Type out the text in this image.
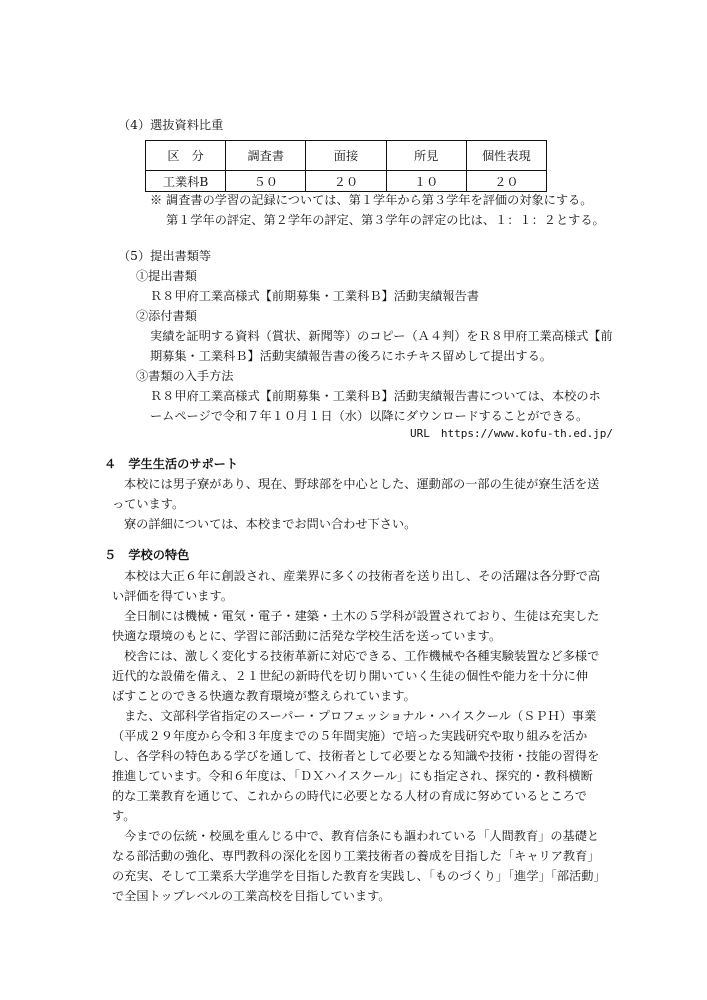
（4）選抜資料比重
区　分	調査書	面接	所見	個性表現
工業科B	５０	２０	１０	２０
※ 調査書の学習の記録については、第１学年から第３学年を評価の対象にする。
第１学年の評定、第２学年の評定、第３学年の評定の比は、１：１：２とする。
（5）提出書類等
①提出書類
Ｒ８甲府工業高様式【前期募集・工業科Ｂ】活動実績報告書
②添付書類
実績を証明する資料（賞状、新聞等）のコピー（Ａ４判）をＲ８甲府工業高様式【前
期募集・工業科Ｂ】活動実績報告書の後ろにホチキス留めして提出する。
③書類の入手方法
Ｒ８甲府工業高様式【前期募集・工業科Ｂ】活動実績報告書については、本校のホ
ームページで令和７年１０月１日（水）以降にダウンロードすることができる。
URL　https://www.kofu-th.ed.jp/
４　学生生活のサポート
本校には男子寮があり、現在、野球部を中心とした、運動部の一部の生徒が寮生活を送
っています。
寮の詳細については、本校までお問い合わせ下さい。
５　学校の特色
本校は大正６年に創設され、産業界に多くの技術者を送り出し、その活躍は各分野で高
い評価を得ています。
全日制には機械・電気・電子・建築・土木の５学科が設置されており、生徒は充実した
快適な環境のもとに、学習に部活動に活発な学校生活を送っています。
校舎には、激しく変化する技術革新に対応できる、工作機械や各種実験装置など多様で
近代的な設備を備え、２１世紀の新時代を切り開いていく生徒の個性や能力を十分に伸
ばすことのできる快適な教育環境が整えられています。
また、文部科学省指定のスーパー・プロフェッショナル・ハイスクール（ＳＰＨ）事業
（平成２９年度から令和３年度までの５年間実施）で培った実践研究や取り組みを活か
し、各学科の特色ある学びを通して、技術者として必要となる知識や技術・技能の習得を
推進しています。令和６年度は、「ＤＸハイスクール」にも指定され、探究的・教科横断
的な工業教育を通じて、これからの時代に必要となる人材の育成に努めているところで
す。
今までの伝統・校風を重んじる中で、教育信条にも謳われている「人間教育」の基礎と
なる部活動の強化、専門教科の深化を図り工業技術者の養成を目指した「キャリア教育」
の充実、そして工業系大学進学を目指した教育を実践し、「ものづくり」「進学」「部活動」
で全国トップレベルの工業高校を目指しています。
